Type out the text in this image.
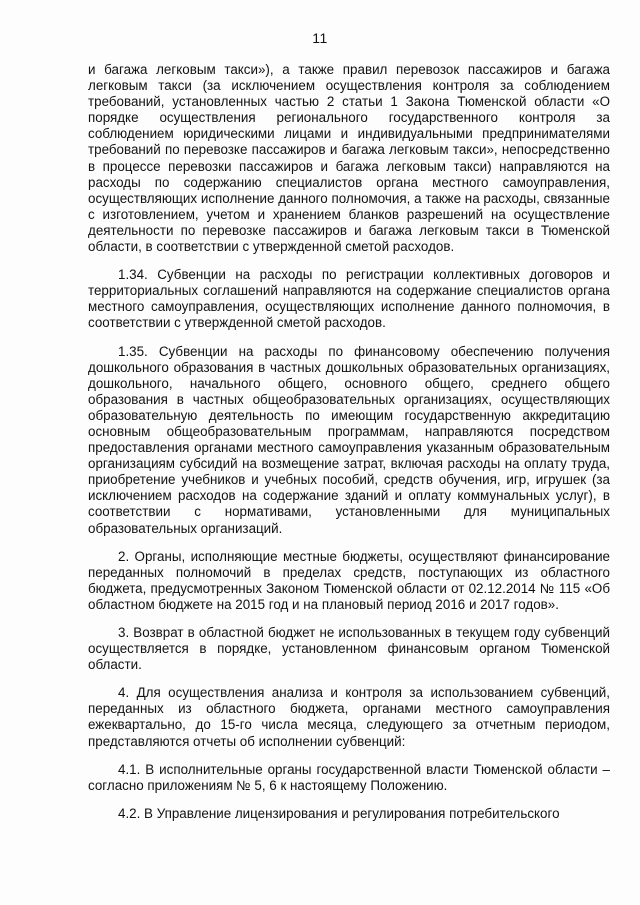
11

и багажа легковым такси»), а также правил перевозок пассажиров и багажа легковым такси (за исключением осуществления контроля за соблюдением требований, установленных частью 2 статьи 1 Закона Тюменской области «О порядке осуществления регионального государственного контроля за соблюдением юридическими лицами и индивидуальными предпринимателями требований по перевозке пассажиров и багажа легковым такси», непосредственно в процессе перевозки пассажиров и багажа легковым такси) направляются на расходы по содержанию специалистов органа местного самоуправления, осуществляющих исполнение данного полномочия, а также на расходы, связанные с изготовлением, учетом и хранением бланков разрешений на осуществление деятельности по перевозке пассажиров и багажа легковым такси в Тюменской области, в соответствии с утвержденной сметой расходов.

1.34. Субвенции на расходы по регистрации коллективных договоров и территориальных соглашений направляются на содержание специалистов органа местного самоуправления, осуществляющих исполнение данного полномочия, в соответствии с утвержденной сметой расходов.

1.35. Субвенции на расходы по финансовому обеспечению получения дошкольного образования в частных дошкольных образовательных организациях, дошкольного, начального общего, основного общего, среднего общего образования в частных общеобразовательных организациях, осуществляющих образовательную деятельность по имеющим государственную аккредитацию основным общеобразовательным программам, направляются посредством предоставления органами местного самоуправления указанным образовательным организациям субсидий на возмещение затрат, включая расходы на оплату труда, приобретение учебников и учебных пособий, средств обучения, игр, игрушек (за исключением расходов на содержание зданий и оплату коммунальных услуг), в соответствии с нормативами, установленными для муниципальных образовательных организаций.

2. Органы, исполняющие местные бюджеты, осуществляют финансирование переданных полномочий в пределах средств, поступающих из областного бюджета, предусмотренных Законом Тюменской области от 02.12.2014 № 115 «Об областном бюджете на 2015 год и на плановый период 2016 и 2017 годов».

3. Возврат в областной бюджет не использованных в текущем году субвенций осуществляется в порядке, установленном финансовым органом Тюменской области.

4. Для осуществления анализа и контроля за использованием субвенций, переданных из областного бюджета, органами местного самоуправления ежеквартально, до 15-го числа месяца, следующего за отчетным периодом, представляются отчеты об исполнении субвенций:

4.1. В исполнительные органы государственной власти Тюменской области – согласно приложениям № 5, 6 к настоящему Положению.

4.2. В Управление лицензирования и регулирования потребительского
